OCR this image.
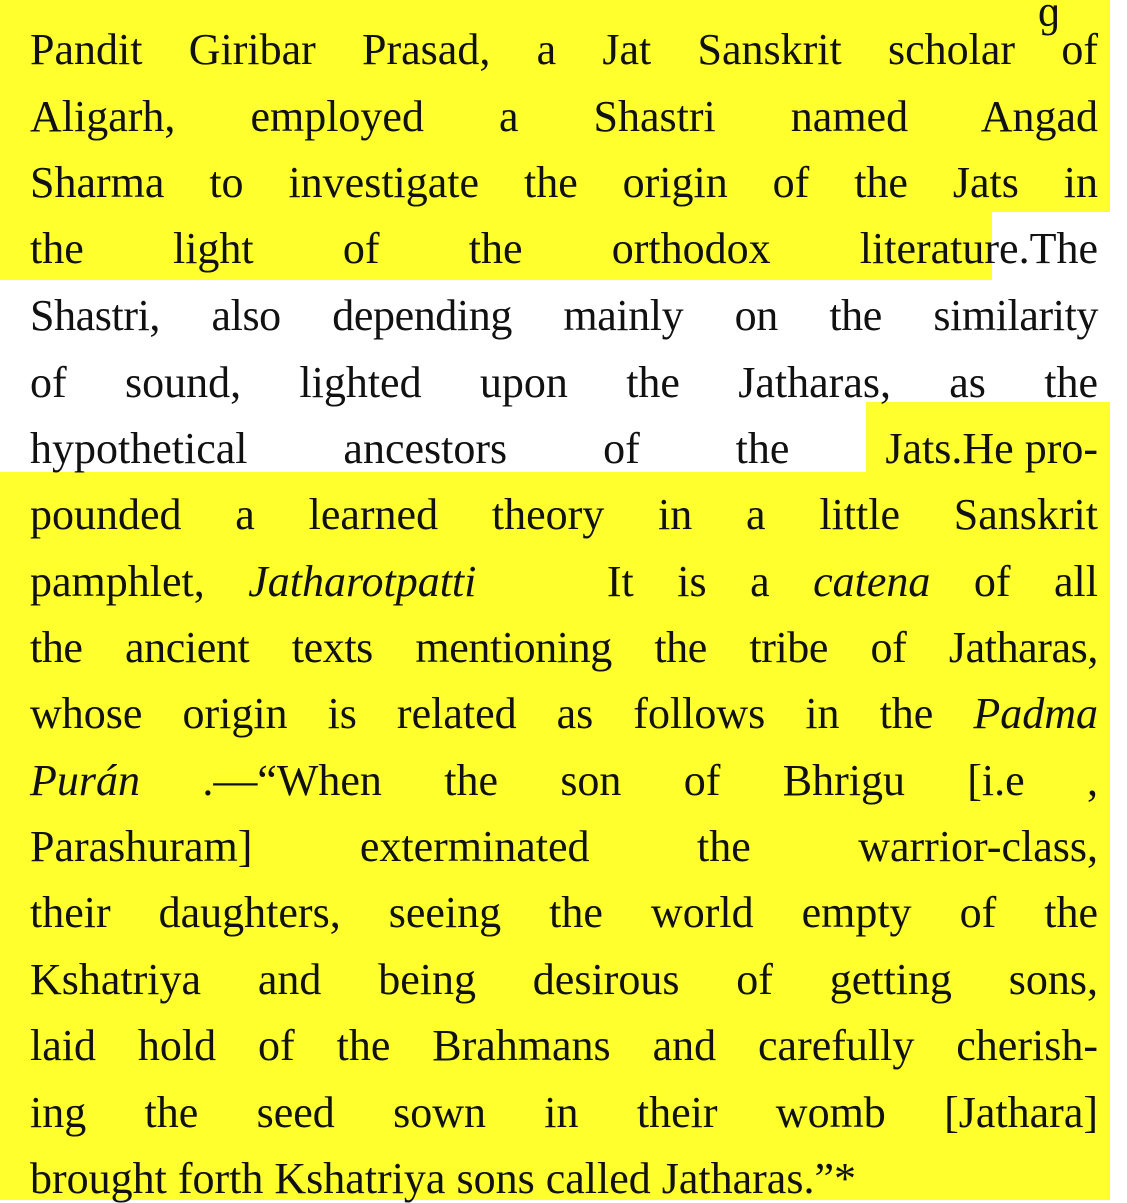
ɡ
Pandit Giribar Prasad, a Jat Sanskrit scholar of
Aligarh, employed a Shastri named Angad
Sharma to investigate the origin of the Jats in
the light of the orthodox literature. The
Shastri, also depending mainly on the similarity
of sound, lighted upon the Jatharas, as the
hypothetical ancestors of the Jats. He pro-
pounded a learned theory in a little Sanskrit
pamphlet, Jatharotpatti	It is a catena of all
the ancient texts mentioning the tribe of Jatharas,
whose origin is related as follows in the Padma
Purán .—“When the son of Bhrigu [i.e ,
Parashuram] exterminated the warrior-class,
their daughters, seeing the world empty of the
Kshatriya and being desirous of getting sons,
laid hold of the Brahmans and carefully cherish-
ing the seed sown in their womb [Jathara]
brought forth Kshatriya sons called Jatharas.”*
